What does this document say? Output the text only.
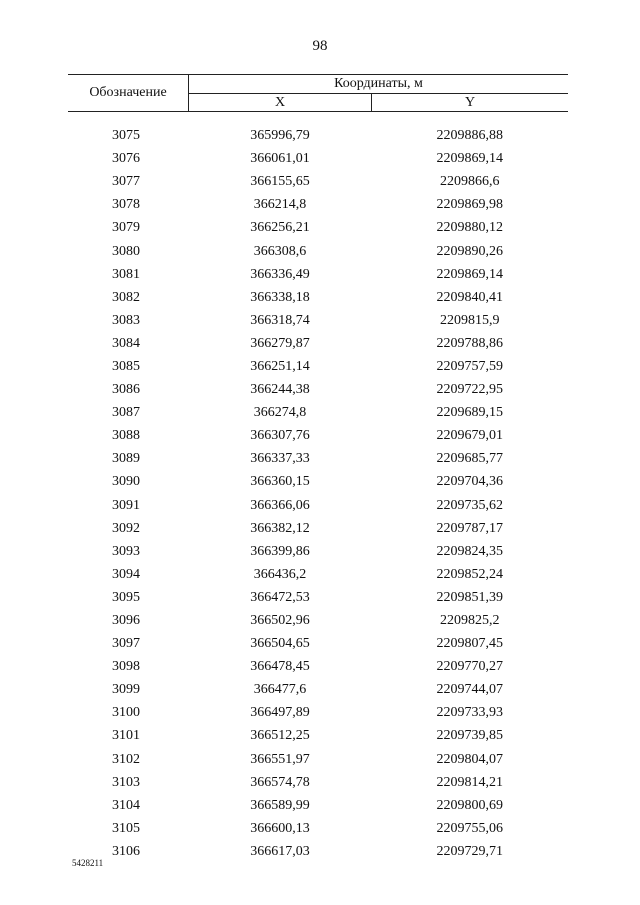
98
Обозначение	Координаты, м	
	X	Y

3075	365996,79	2209886,88
3076	366061,01	2209869,14
3077	366155,65	2209866,6
3078	366214,8	2209869,98
3079	366256,21	2209880,12
3080	366308,6	2209890,26
3081	366336,49	2209869,14
3082	366338,18	2209840,41
3083	366318,74	2209815,9
3084	366279,87	2209788,86
3085	366251,14	2209757,59
3086	366244,38	2209722,95
3087	366274,8	2209689,15
3088	366307,76	2209679,01
3089	366337,33	2209685,77
3090	366360,15	2209704,36
3091	366366,06	2209735,62
3092	366382,12	2209787,17
3093	366399,86	2209824,35
3094	366436,2	2209852,24
3095	366472,53	2209851,39
3096	366502,96	2209825,2
3097	366504,65	2209807,45
3098	366478,45	2209770,27
3099	366477,6	2209744,07
3100	366497,89	2209733,93
3101	366512,25	2209739,85
3102	366551,97	2209804,07
3103	366574,78	2209814,21
3104	366589,99	2209800,69
3105	366600,13	2209755,06
3106	366617,03	2209729,71
5428211
